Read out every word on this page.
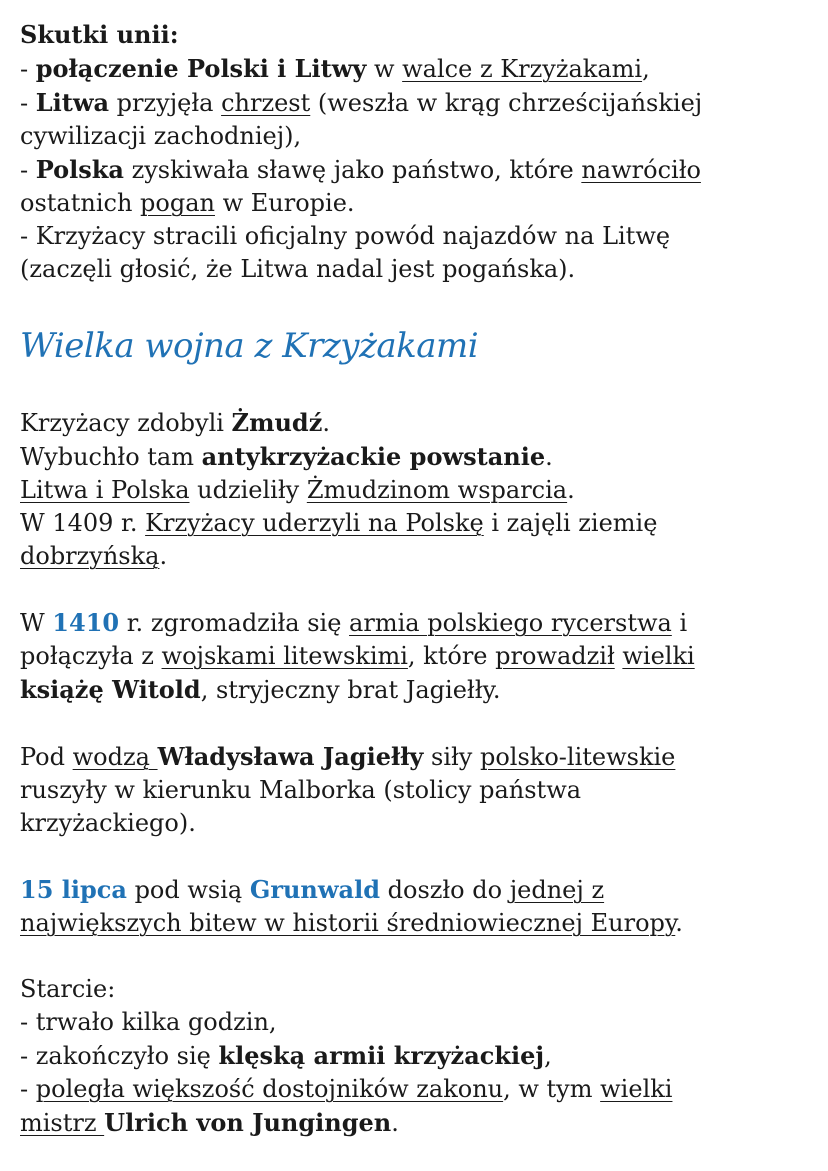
Skutki unii:

- połączenie Polski i Litwy w walce z Krzyżakami,

- Litwa przyjęła chrzest (weszła w krąg chrześcijańskiej

cywilizacji zachodniej),

- Polska zyskiwała sławę jako państwo, które nawróciło

ostatnich pogan w Europie.

- Krzyżacy stracili oficjalny powód najazdów na Litwę

(zaczęli głosić, że Litwa nadal jest pogańska).

Wielka wojna z Krzyżakami

Krzyżacy zdobyli Żmudź.

Wybuchło tam antykrzyżackie powstanie.

Litwa i Polska udzieliły Żmudzinom wsparcia.

W 1409 r. Krzyżacy uderzyli na Polskę i zajęli ziemię

dobrzyńską.

W 1410 r. zgromadziła się armia polskiego rycerstwa i

połączyła z wojskami litewskimi, które prowadził wielki

książę Witold, stryjeczny brat Jagiełły.

Pod wodzą Władysława Jagiełły siły polsko-litewskie

ruszyły w kierunku Malborka (stolicy państwa

krzyżackiego).

15 lipca pod wsią Grunwald doszło do jednej z

największych bitew w historii średniowiecznej Europy.

Starcie:

- trwało kilka godzin,

- zakończyło się klęską armii krzyżackiej,

- poległa większość dostojników zakonu, w tym wielki

mistrz Ulrich von Jungingen.
